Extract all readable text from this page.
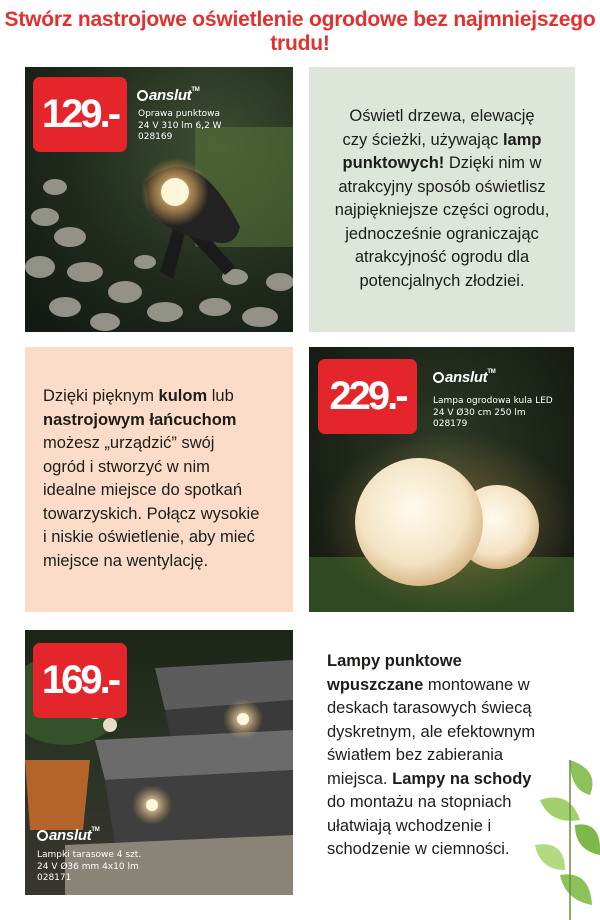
Stwórz nastrojowe oświetlenie ogrodowe bez najmniejszego trudu!
129.-	anslut™
Oprawa punktowa
24 V 310 lm 6,2 W
028169
Oświetl drzewa, elewację
czy ścieżki, używając lamp
punktowych! Dzięki nim w
atrakcyjny sposób oświetlisz
najpiękniejsze części ogrodu,
jednocześnie ograniczając
atrakcyjność ogrodu dla
potencjalnych złodziei.
Dzięki pięknym kulom lub
nastrojowym łańcuchom
możesz „urządzić” swój
ogród i stworzyć w nim
idealne miejsce do spotkań
towarzyskich. Połącz wysokie
i niskie oświetlenie, aby mieć
miejsce na wentylację.
229.-	anslut™
Lampa ogrodowa kula LED
24 V Ø30 cm 250 lm
028179
169.-
anslut™
Lampki tarasowe 4 szt.
24 V Ø36 mm 4x10 lm
028171
Lampy punktowe
wpuszczane montowane w
deskach tarasowych świecą
dyskretnym, ale efektownym
światłem bez zabierania
miejsca. Lampy na schody
do montażu na stopniach
ułatwiają wchodzenie i
schodzenie w ciemności.
